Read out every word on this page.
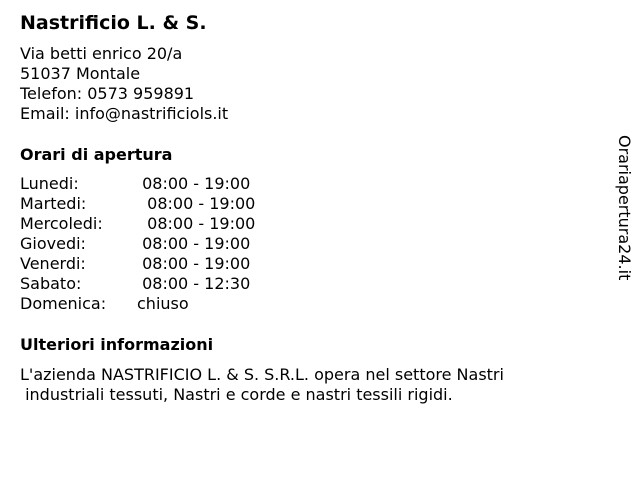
Nastrificio L. & S.
Via betti enrico 20/a
51037 Montale
Telefon: 0573 959891
Email: info@nastrificiols.it
Orari di apertura
Lunedi:	08:00 - 19:00
Martedi:	08:00 - 19:00
Mercoledi: 08:00 - 19:00
Giovedi:	08:00 - 19:00
Venerdi:	08:00 - 19:00
Sabato:	08:00 - 12:30
Domenica: chiuso
Ulteriori informazioni
L'azienda NASTRIFICIO L. & S. S.R.L. opera nel settore Nastri
industriali tessuti, Nastri e corde e nastri tessili rigidi.
Orariapertura24.it
